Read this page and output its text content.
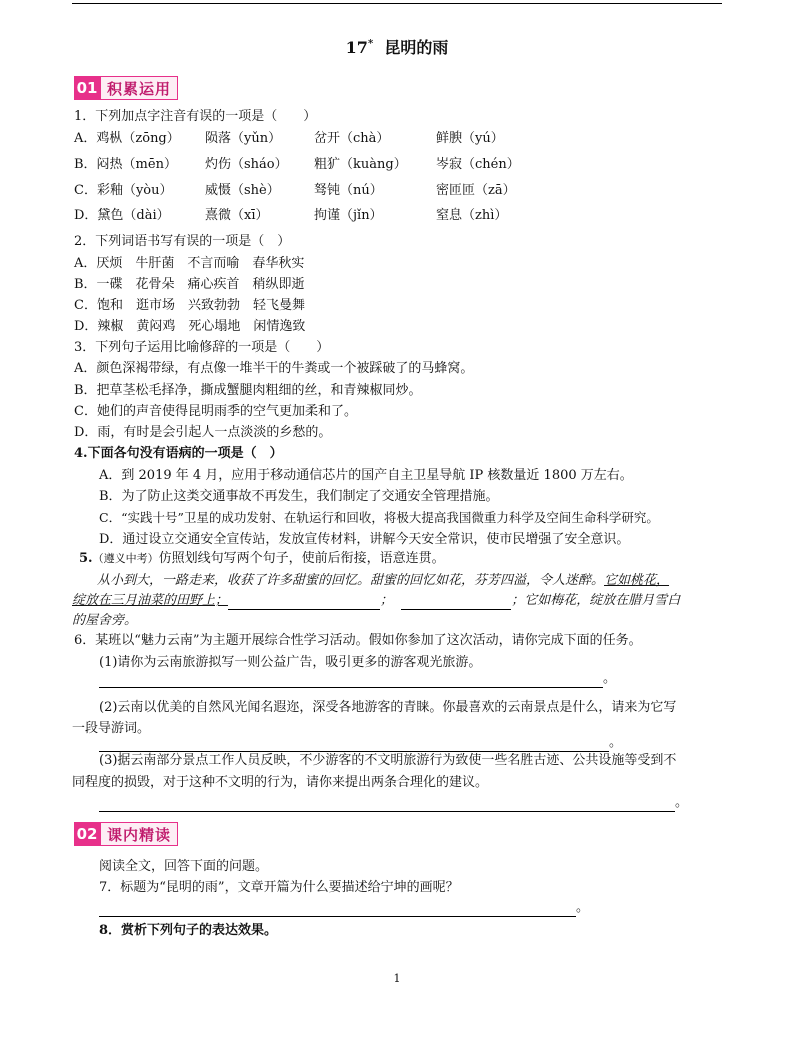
17* 昆明的雨
01 积累运用
1．下列加点字注音有误的一项是（　　）
A．鸡枞（zōng） 陨落（yǔn）	岔开（chà）	鲜腴（yú）
B．闷热（mēn） 灼伤（sháo） 粗犷（kuàng） 岑寂（chén）
C．彩釉（yòu）	威慑（shè）	驽钝（nú）	密匝匝（zā）
D．黛色（dài）	熹微（xī）	拘谨（jǐn）	窒息（zhì）
2．下列词语书写有误的一项是（　）
A．厌烦　牛肝菌　不言而喻　春华秋实
B．一碟　花骨朵　痛心疾首　稍纵即逝
C．饱和　逛市场　兴致勃勃　轻飞曼舞
D．辣椒　黄闷鸡　死心塌地　闲情逸致
3．下列句子运用比喻修辞的一项是（　　）
A．颜色深褐带绿，有点像一堆半干的牛粪或一个被踩破了的马蜂窝。
B．把草茎松毛择净，撕成蟹腿肉粗细的丝，和青辣椒同炒。
C．她们的声音使得昆明雨季的空气更加柔和了。
D．雨，有时是会引起人一点淡淡的乡愁的。
4.下面各句没有语病的一项是（　）
A．到 2019 年 4 月，应用于移动通信芯片的国产自主卫星导航 IP 核数量近 1800 万左右。
B．为了防止这类交通事故不再发生，我们制定了交通安全管理措施。
C．“实践十号”卫星的成功发射、在轨运行和回收，将极大提高我国微重力科学及空间生命科学研究。
D．通过设立交通安全宣传站，发放宣传材料，讲解今天安全常识，使市民增强了安全意识。
5.（遵义中考）仿照划线句写两个句子，使前后衔接，语意连贯。
从小到大，一路走来，收获了许多甜蜜的回忆。甜蜜的回忆如花，芬芳四溢，令人迷醉。它如桃花，
绽放在三月油菜的田野上；	；	；它如梅花，绽放在腊月雪白
的屋舍旁。
6．某班以“魅力云南”为主题开展综合性学习活动。假如你参加了这次活动，请你完成下面的任务。
(1)请你为云南旅游拟写一则公益广告，吸引更多的游客观光旅游。
。
(2)云南以优美的自然风光闻名遐迩，深受各地游客的青睐。你最喜欢的云南景点是什么，请来为它写
一段导游词。
。
(3)据云南部分景点工作人员反映，不少游客的不文明旅游行为致使一些名胜古迹、公共设施等受到不
同程度的损毁，对于这种不文明的行为，请你来提出两条合理化的建议。
。
02 课内精读
阅读全文，回答下面的问题。
7．标题为“昆明的雨”，文章开篇为什么要描述给宁坤的画呢？
。
8．赏析下列句子的表达效果。
1
